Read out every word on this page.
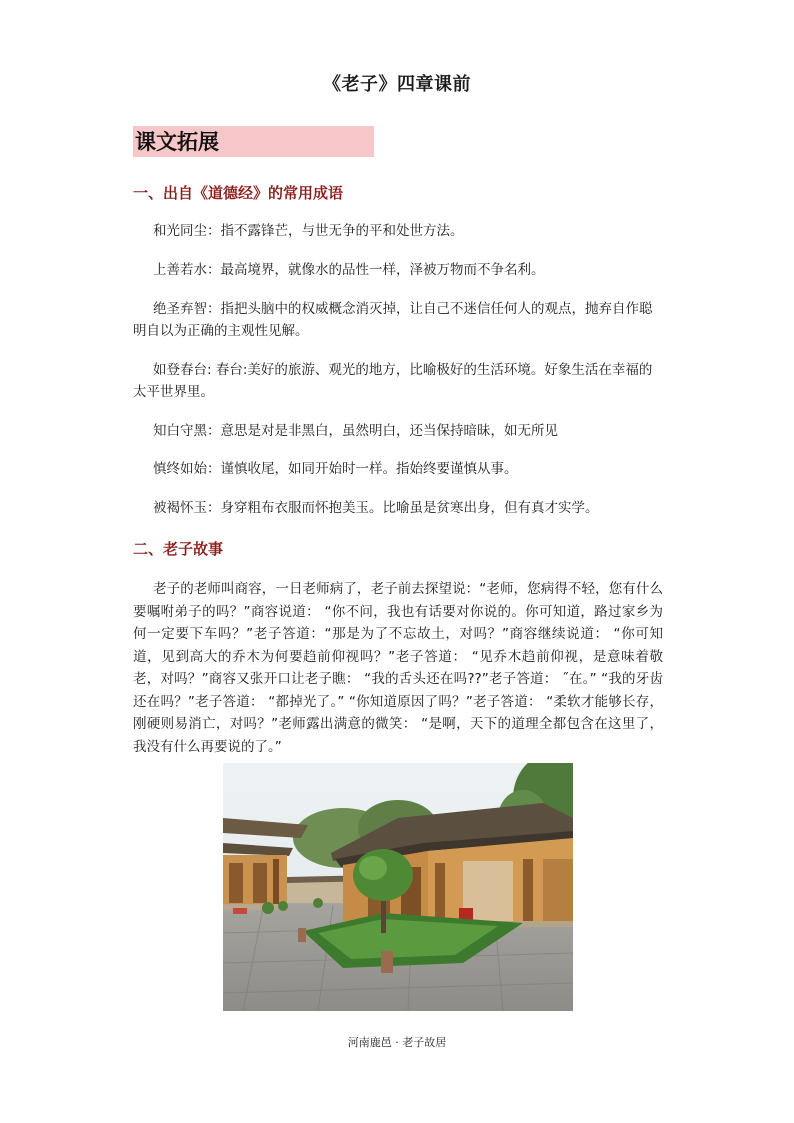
《老子》四章课前
课文拓展
一、出自《道德经》的常用成语

和光同尘：指不露锋芒，与世无争的平和处世方法。

上善若水：最高境界，就像水的品性一样，泽被万物而不争名利。

绝圣弃智：指把头脑中的权威概念消灭掉，让自己不迷信任何人的观点，抛弃自作聪明自以为正确的主观性见解。

如登春台: 春台:美好的旅游、观光的地方，比喻极好的生活环境。好象生活在幸福的太平世界里。

知白守黑：意思是对是非黑白，虽然明白，还当保持暗昧，如无所见

慎终如始：谨慎收尾，如同开始时一样。指始终要谨慎从事。

被褐怀玉：身穿粗布衣服而怀抱美玉。比喻虽是贫寒出身，但有真才实学。

二、老子故事

老子的老师叫商容，一日老师病了，老子前去探望说：“老师，您病得不轻，您有什么要嘱咐弟子的吗？”商容说道： “你不问，我也有话要对你说的。你可知道，路过家乡为何一定要下车吗？”老子答道：“那是为了不忘故土，对吗？”商容继续说道： “你可知道，见到高大的乔木为何要趋前仰视吗？”老子答道： “见乔木趋前仰视，是意味着敬老，对吗？”商容又张开口让老子瞧： “我的舌头还在吗??”老子答道： ˝在。” “我的牙齿还在吗？”老子答道： “都掉光了。” “你知道原因了吗？”老子答道： “柔软才能够长存，刚硬则易消亡，对吗？”老师露出满意的微笑： “是啊，天下的道理全都包含在这里了， 我没有什么再要说的了。”

河南鹿邑 · 老子故居
